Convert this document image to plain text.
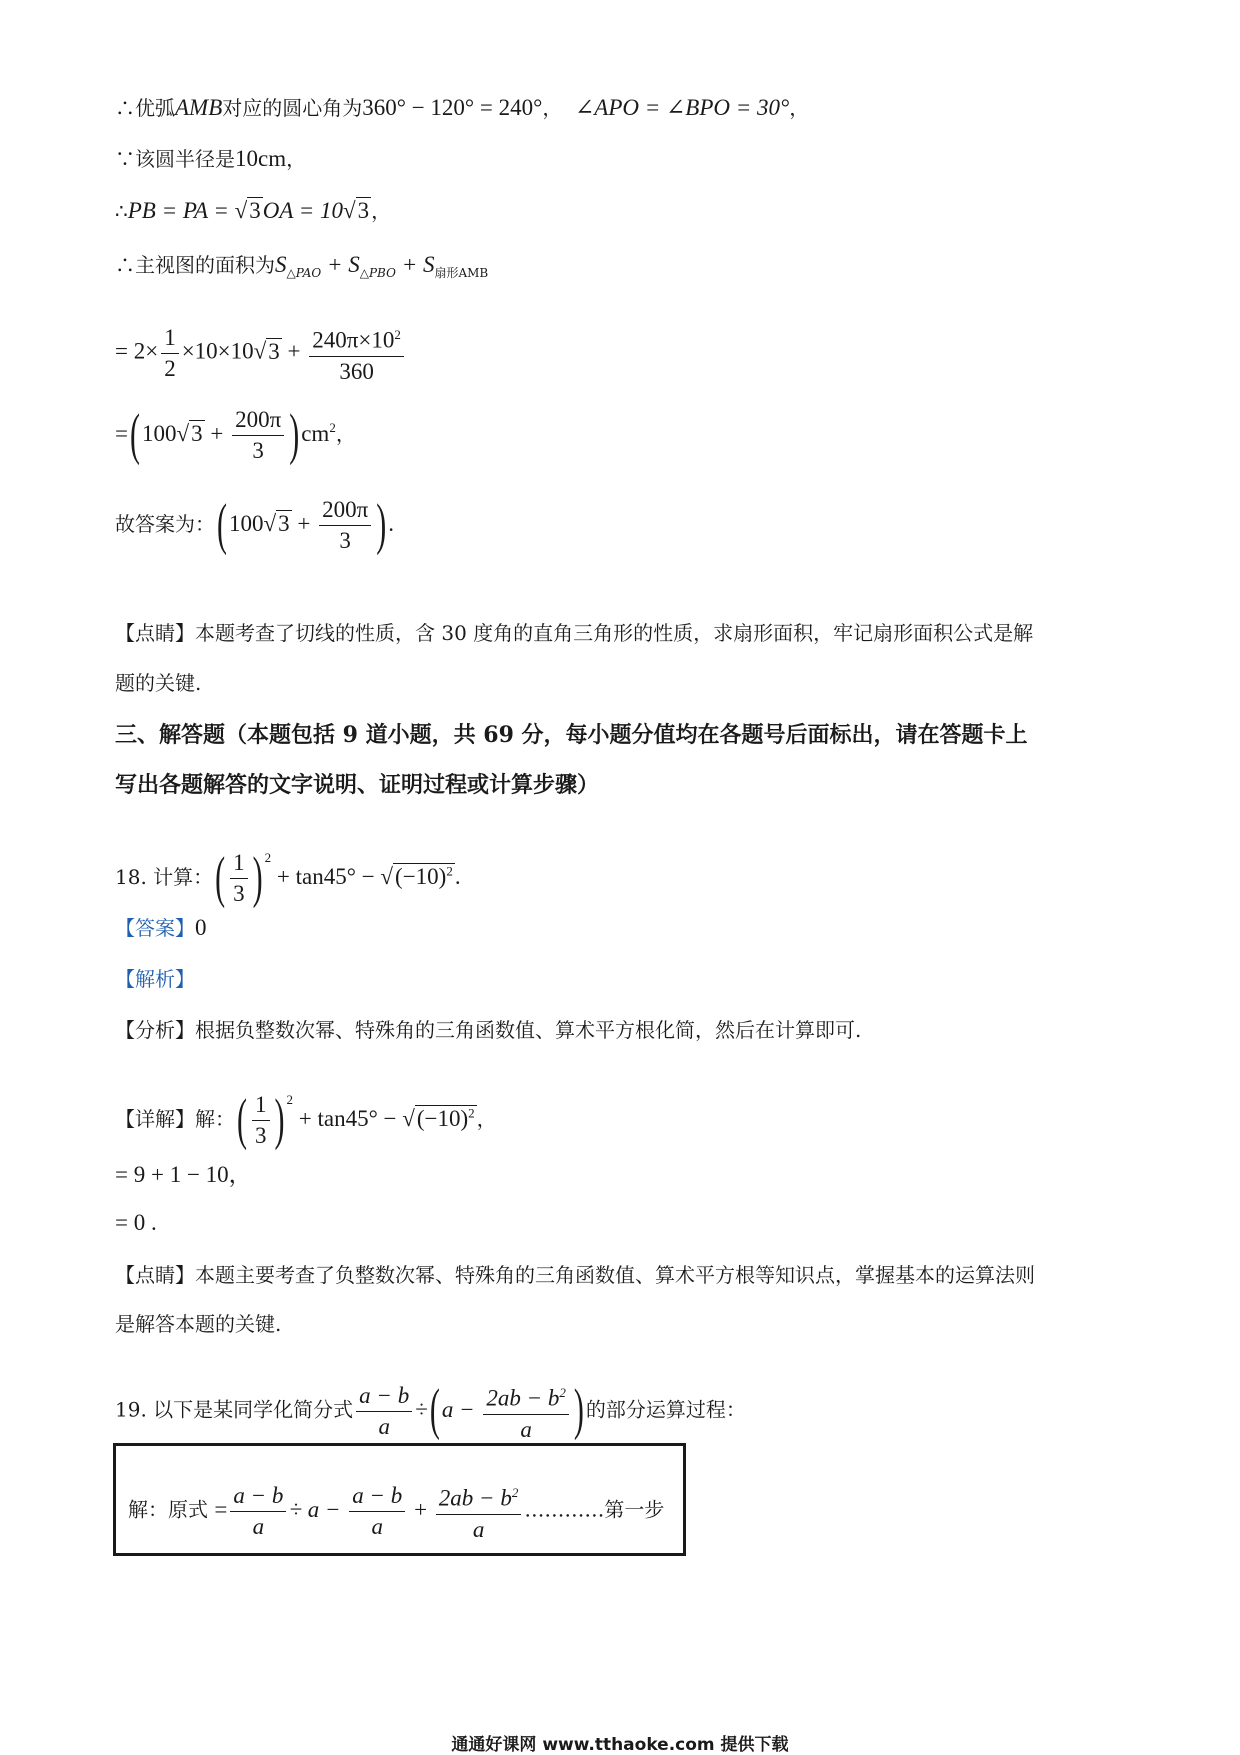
∴优弧AMB对应的圆心角为360° − 120° = 240°， ∠APO = ∠BPO = 30°，
∵该圆半径是10cm，
∴PB = PA = √3OA = 10√3 ，
∴主视图的面积为$S_{\triangle PAO} + S_{\triangle PBO} + S_{扇形AMB}$
= $2\times \frac{1}{2} \times 10\times 10√3 + \frac{240\pi\times 10^2}{360}$
$=(100√3 + \frac{200\pi}{3} )cm^2$，
故答案为：($100√3 + \frac{200\pi}{3}$ ).
【点睛】本题考查了切线的性质，含 30 度角的直角三角形的性质，求扇形面积，牢记扇形面积公式是解
题的关键.
三、解答题（本题包括 9 道小题，共 69 分，每小题分值均在各题号后面标出，请在答题卡上
写出各题解答的文字说明、证明过程或计算步骤）
18. 计算：( $\frac{1}{3}$ ) $^2 + \tan 45^\circ - √(-10)^2$.
【答案】0
【解析】
【分析】根据负整数次幂、特殊角的三角函数值、算术平方根化简，然后在计算即可.
【详解】解：( $\frac{1}{3}$ ) $^2 + \tan 45^\circ - √(-10)^2$ ，
= 9 + 1 − 10，
= 0 .
【点睛】本题主要考查了负整数次幂、特殊角的三角函数值、算术平方根等知识点，掌握基本的运算法则
是解答本题的关键.
19. 以下是某同学化简分式 $\frac{a - b}{a} \div(a - \frac{2ab - b^2}{a}$ ) 的部分运算过程：
解：原式 = $\frac{a - b}{a} \div a - \frac{a - b}{a} + \frac{2ab - b^2}{a}$ …………第一步
通通好课网 www.tthaoke.com 提供下载
